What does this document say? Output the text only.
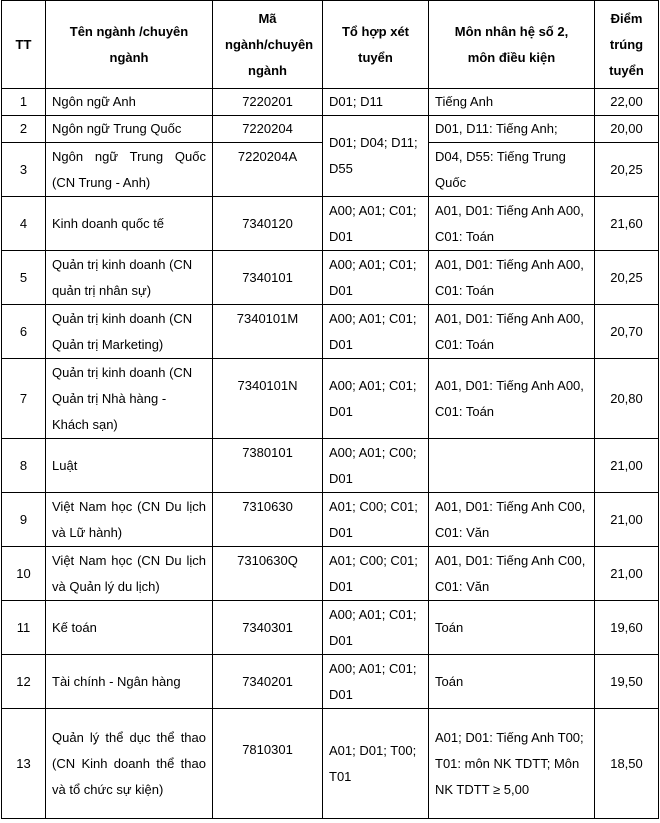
TT	Tên ngành /chuyên ngành	Mã ngành/chuyên ngành	Tổ hợp xét tuyển	Môn nhân hệ số 2, môn điều kiện	Điểm trúng tuyển
1	Ngôn ngữ Anh	7220201	D01; D11	Tiếng Anh	22,00
2	Ngôn ngữ Trung Quốc	7220204	D01; D04; D11; D55	D01, D11: Tiếng Anh;	20,00
3	Ngôn ngữ Trung Quốc (CN Trung - Anh)	7220204A		D04, D55: Tiếng Trung Quốc	20,25
4	Kinh doanh quốc tế	7340120	A00; A01; C01; D01	A01, D01: Tiếng Anh A00, C01: Toán	21,60
5	Quản trị kinh doanh (CN quản trị nhân sự)	7340101	A00; A01; C01; D01	A01, D01: Tiếng Anh A00, C01: Toán	20,25
6	Quản trị kinh doanh (CN Quản trị Marketing)	7340101M	A00; A01; C01; D01	A01, D01: Tiếng Anh A00, C01: Toán	20,70
7	Quản trị kinh doanh (CN Quản trị Nhà hàng - Khách sạn)	7340101N	A00; A01; C01; D01	A01, D01: Tiếng Anh A00, C01: Toán	20,80
8	Luật	7380101	A00; A01; C00; D01		21,00
9	Việt Nam học (CN Du lịch và Lữ hành)	7310630	A01; C00; C01; D01	A01, D01: Tiếng Anh C00, C01: Văn	21,00
10	Việt Nam học (CN Du lịch và Quản lý du lịch)	7310630Q	A01; C00; C01; D01	A01, D01: Tiếng Anh C00, C01: Văn	21,00
11	Kế toán	7340301	A00; A01; C01; D01	Toán	19,60
12	Tài chính - Ngân hàng	7340201	A00; A01; C01; D01	Toán	19,50
13	Quản lý thể dục thể thao (CN Kinh doanh thể thao và tổ chức sự kiện)	7810301	A01; D01; T00; T01	A01; D01: Tiếng Anh T00; T01: môn NK TDTT; Môn NK TDTT ≥ 5,00	18,50
